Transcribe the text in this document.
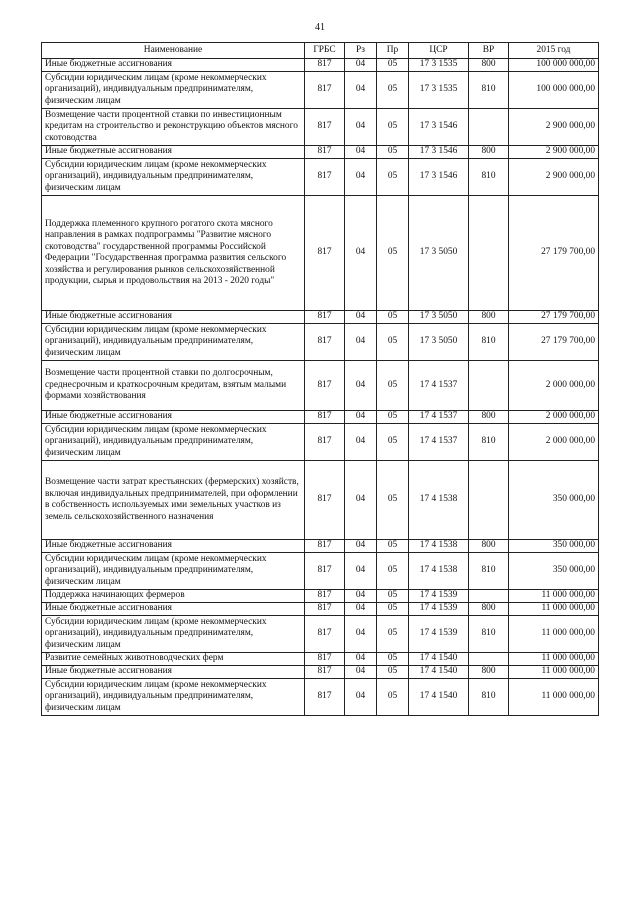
41
Наименование	ГРБС	Рз	Пр	ЦСР	ВР	2015 год
Иные бюджетные ассигнования	817	04	05	17 3 1535	800	100 000 000,00
Субсидии юридическим лицам (кроме некоммерческих организаций), индивидуальным предпринимателям, физическим лицам	817	04	05	17 3 1535	810	100 000 000,00
Возмещение части процентной ставки по инвестиционным кредитам на строительство и реконструкцию объектов мясного скотоводства	817	04	05	17 3 1546		2 900 000,00
Иные бюджетные ассигнования	817	04	05	17 3 1546	800	2 900 000,00
Субсидии юридическим лицам (кроме некоммерческих организаций), индивидуальным предпринимателям, физическим лицам	817	04	05	17 3 1546	810	2 900 000,00
Поддержка племенного крупного рогатого скота мясного направления в рамках подпрограммы "Развитие мясного скотоводства" государственной программы Российской Федерации "Государственная программа развития сельского хозяйства и регулирования рынков сельскохозяйственной продукции, сырья и продовольствия на 2013 - 2020 годы"	817	04	05	17 3 5050		27 179 700,00
Иные бюджетные ассигнования	817	04	05	17 3 5050	800	27 179 700,00
Субсидии юридическим лицам (кроме некоммерческих организаций), индивидуальным предпринимателям, физическим лицам	817	04	05	17 3 5050	810	27 179 700,00
Возмещение части процентной ставки по долгосрочным, среднесрочным и краткосрочным кредитам, взятым малыми формами хозяйствования	817	04	05	17 4 1537		2 000 000,00
Иные бюджетные ассигнования	817	04	05	17 4 1537	800	2 000 000,00
Субсидии юридическим лицам (кроме некоммерческих организаций), индивидуальным предпринимателям, физическим лицам	817	04	05	17 4 1537	810	2 000 000,00
Возмещение части затрат крестьянских (фермерских) хозяйств, включая индивидуальных предпринимателей, при оформлении в собственность используемых ими земельных участков из земель сельскохозяйственного назначения	817	04	05	17 4 1538		350 000,00
Иные бюджетные ассигнования	817	04	05	17 4 1538	800	350 000,00
Субсидии юридическим лицам (кроме некоммерческих организаций), индивидуальным предпринимателям, физическим лицам	817	04	05	17 4 1538	810	350 000,00
Поддержка начинающих фермеров	817	04	05	17 4 1539		11 000 000,00
Иные бюджетные ассигнования	817	04	05	17 4 1539	800	11 000 000,00
Субсидии юридическим лицам (кроме некоммерческих организаций), индивидуальным предпринимателям, физическим лицам	817	04	05	17 4 1539	810	11 000 000,00
Развитие семейных животноводческих ферм	817	04	05	17 4 1540		11 000 000,00
Иные бюджетные ассигнования	817	04	05	17 4 1540	800	11 000 000,00
Субсидии юридическим лицам (кроме некоммерческих организаций), индивидуальным предпринимателям, физическим лицам	817	04	05	17 4 1540	810	11 000 000,00
